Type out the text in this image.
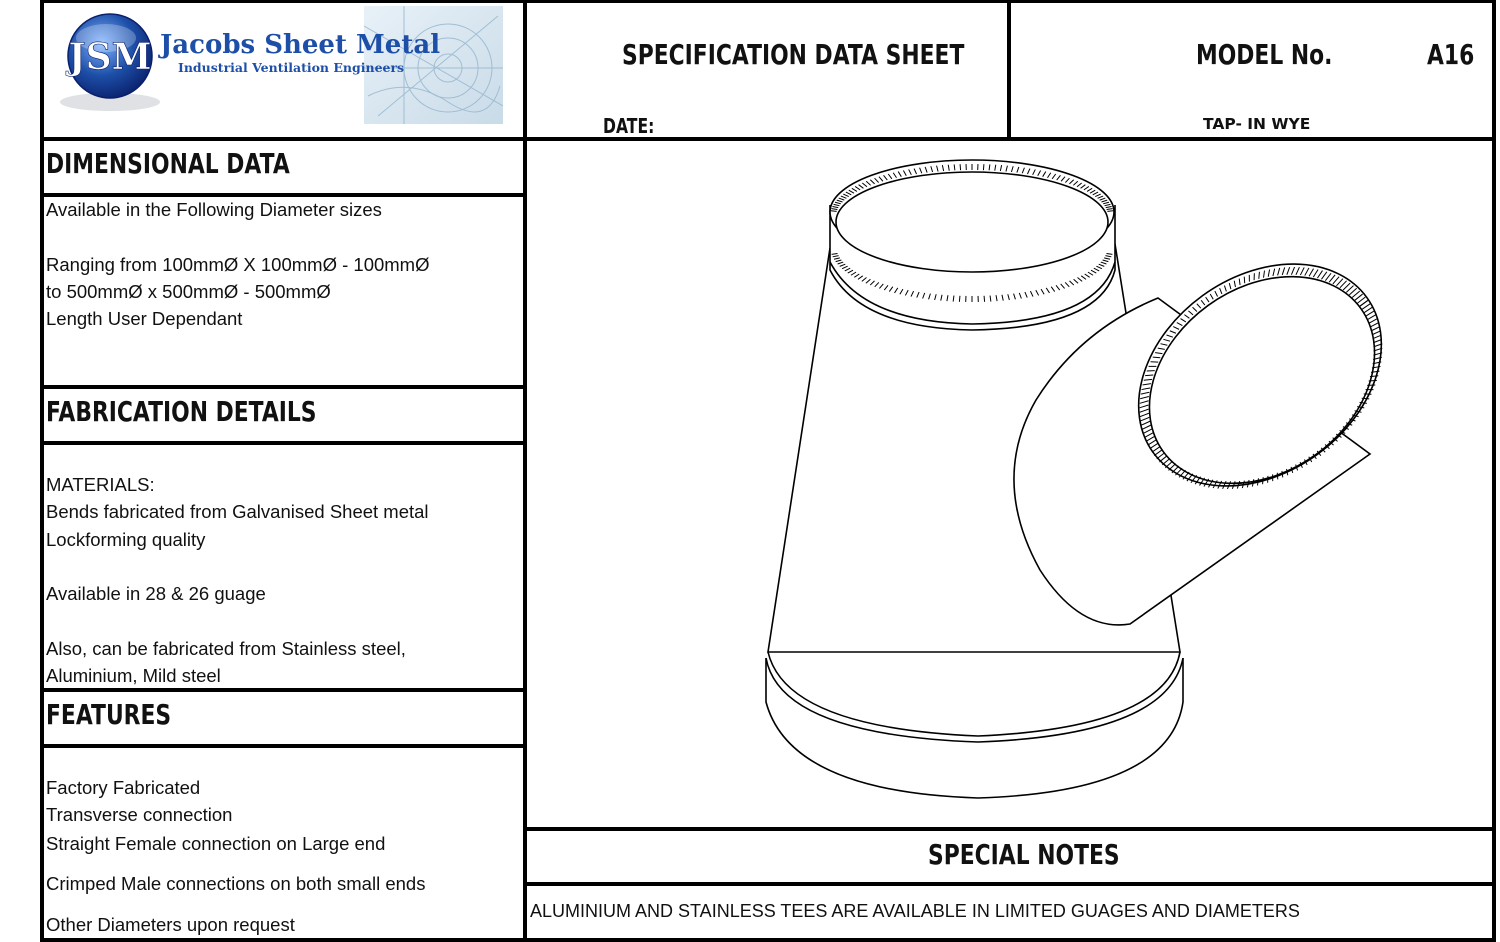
JSM Jacobs Sheet Metal
Industrial Ventilation Engineers	SPECIFICATION DATA SHEET
DATE:
MODEL No.	A16
TAP- IN WYE
DIMENSIONAL DATA
Available in the Following Diameter sizes
Ranging from 100mmØ X 100mmØ - 100mmØ
to 500mmØ x 500mmØ - 500mmØ
Length User Dependant
FABRICATION DETAILS
MATERIALS:
Bends fabricated from Galvanised Sheet metal
Lockforming quality
Available in 28 & 26 guage
Also, can be fabricated from Stainless steel,
Aluminium, Mild steel
FEATURES
Factory Fabricated
Transverse connection
Straight Female connection on Large end
Crimped Male connections on both small ends
Other Diameters upon request
SPECIAL NOTES
ALUMINIUM AND STAINLESS TEES ARE AVAILABLE IN LIMITED GUAGES AND DIAMETERS
